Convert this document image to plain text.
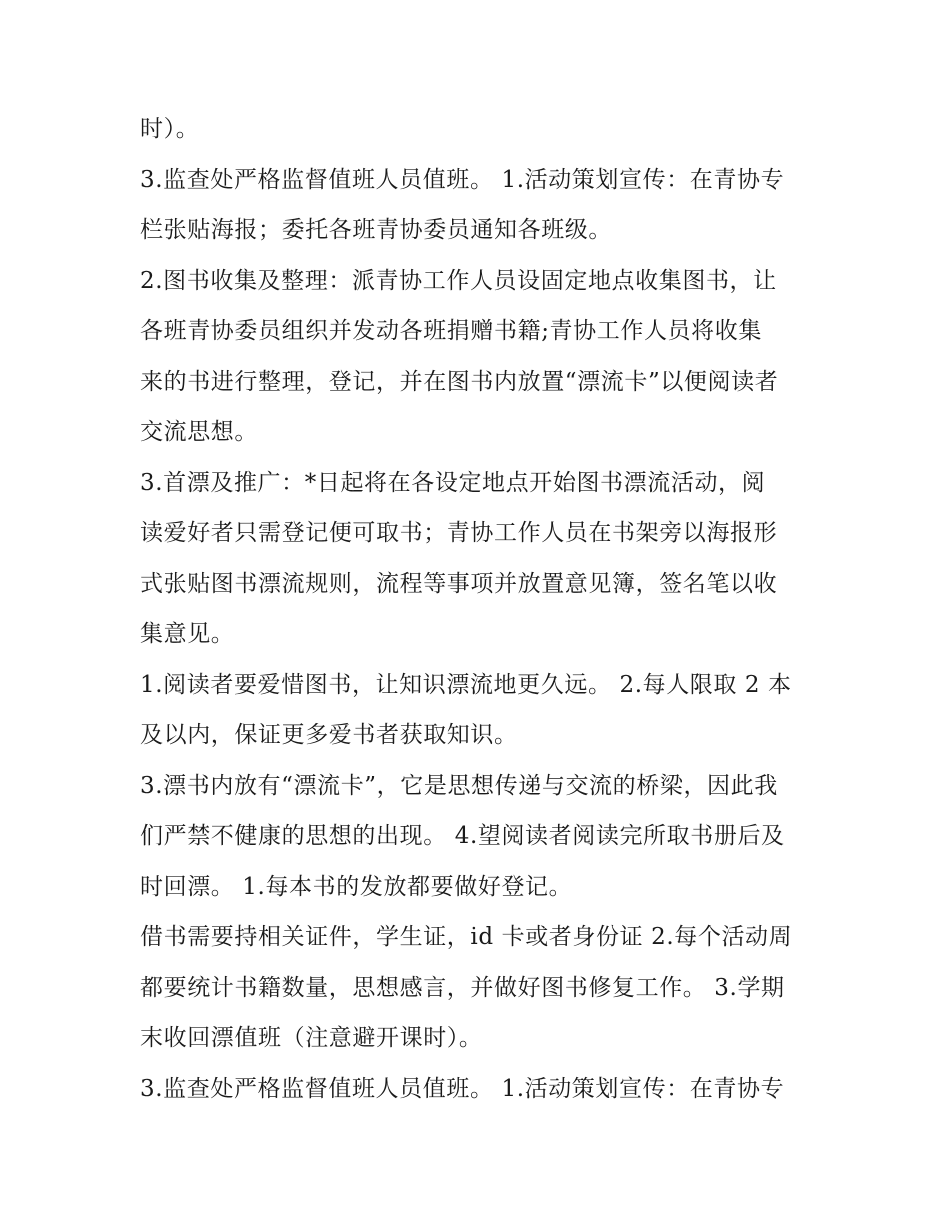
时）。
3.监查处严格监督值班人员值班。 1.活动策划宣传：在青协专
栏张贴海报；委托各班青协委员通知各班级。
2.图书收集及整理：派青协工作人员设固定地点收集图书，让
各班青协委员组织并发动各班捐赠书籍;青协工作人员将收集
来的书进行整理，登记，并在图书内放置“漂流卡”以便阅读者
交流思想。
3.首漂及推广：*日起将在各设定地点开始图书漂流活动，阅
读爱好者只需登记便可取书；青协工作人员在书架旁以海报形
式张贴图书漂流规则，流程等事项并放置意见簿，签名笔以收
集意见。
1.阅读者要爱惜图书，让知识漂流地更久远。 2.每人限取 2 本
及以内，保证更多爱书者获取知识。
3.漂书内放有“漂流卡”，它是思想传递与交流的桥梁，因此我
们严禁不健康的思想的出现。 4.望阅读者阅读完所取书册后及
时回漂。 1.每本书的发放都要做好登记。
借书需要持相关证件，学生证，id 卡或者身份证 2.每个活动周
都要统计书籍数量，思想感言，并做好图书修复工作。 3.学期
末收回漂值班（注意避开课时）。
3.监查处严格监督值班人员值班。 1.活动策划宣传：在青协专
